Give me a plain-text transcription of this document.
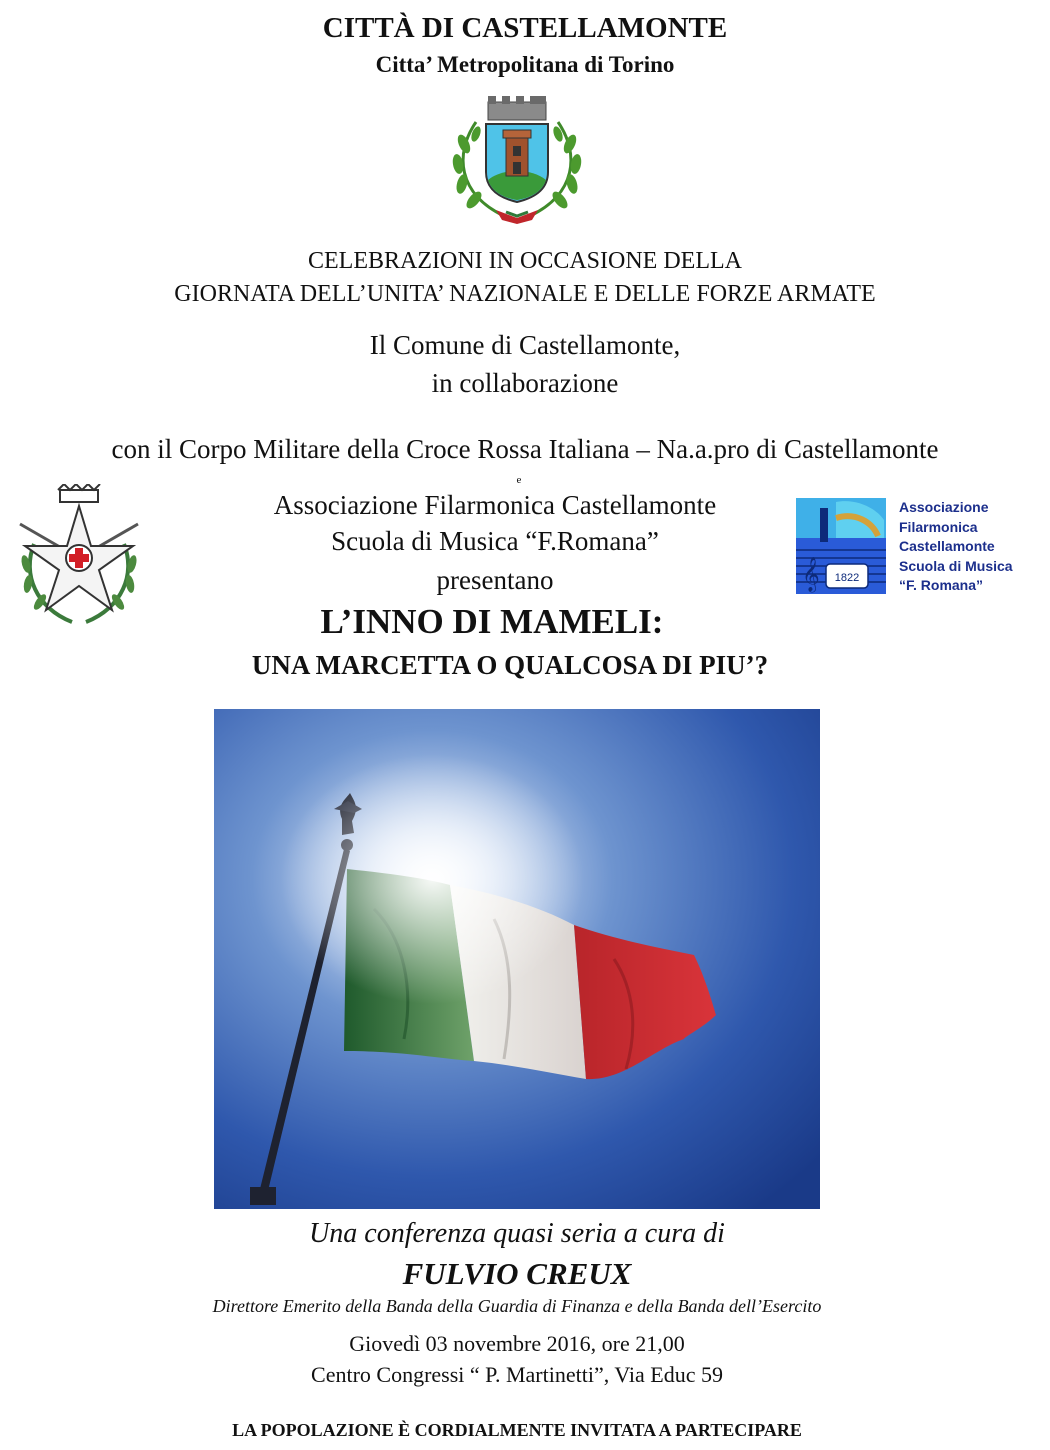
CITTÀ DI CASTELLAMONTE
Citta’ Metropolitana di Torino
CELEBRAZIONI IN OCCASIONE DELLA
GIORNATA DELL’UNITA’ NAZIONALE E DELLE FORZE ARMATE
Il Comune di Castellamonte,
in collaborazione
con il Corpo Militare della Croce Rossa Italiana – Na.a.pro di Castellamonte
e
Associazione Filarmonica Castellamonte
Scuola di Musica “F.Romana”
presentano	𝄞 1822
Associazione
Filarmonica
Castellamonte
Scuola di Musica
“F. Romana”
L’INNO DI MAMELI:
UNA MARCETTA O QUALCOSA DI PIU’?
Una conferenza quasi seria a cura di
FULVIO CREUX
Direttore Emerito della Banda della Guardia di Finanza e della Banda dell’Esercito
Giovedì 03 novembre 2016, ore 21,00
Centro Congressi “ P. Martinetti”, Via Educ 59
LA POPOLAZIONE È CORDIALMENTE INVITATA A PARTECIPARE
